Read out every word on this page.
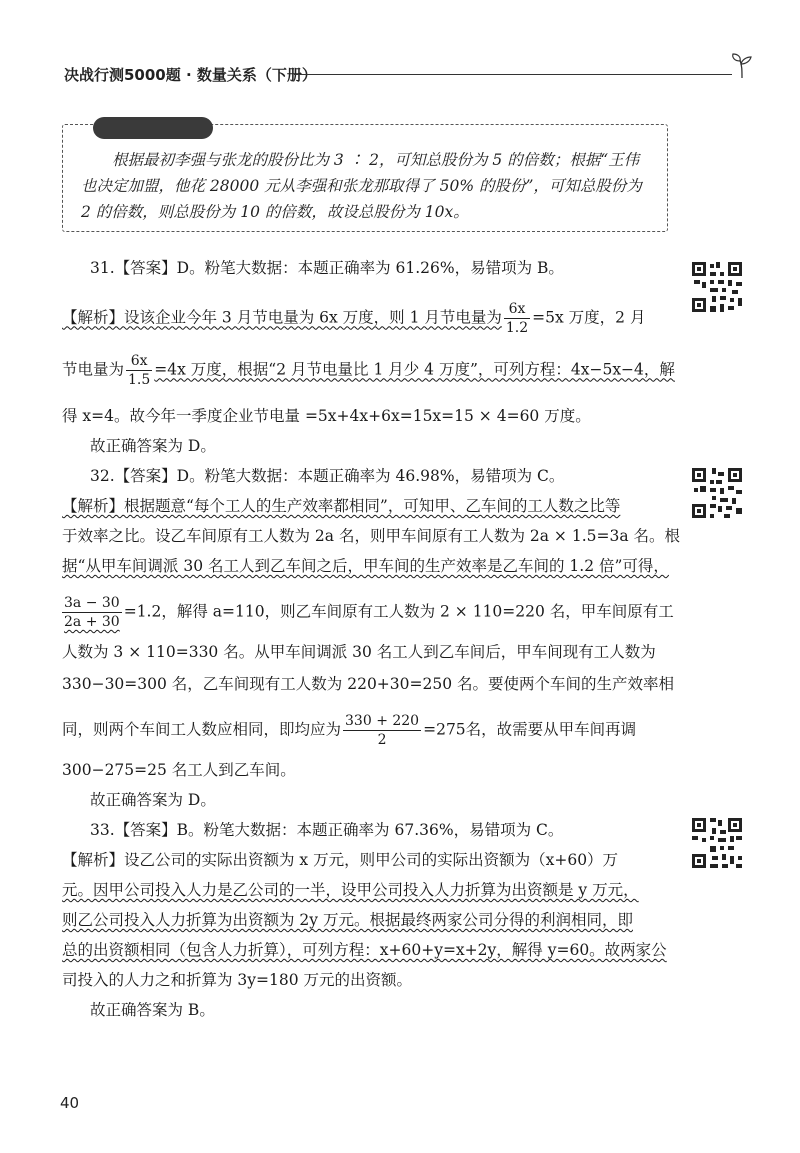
决战行测5000题 · 数量关系（下册）
根据最初李强与张龙的股份比为 3 ∶ 2，可知总股份为 5 的倍数；根据“王伟也决定加盟，他花 28000 元从李强和张龙那取得了 50% 的股份”，可知总股份为 2 的倍数，则总股份为 10 的倍数，故设总股份为 10x。
31.【答案】D。粉笔大数据：本题正确率为 61.26%，易错项为 B。
【解析】设该企业今年 3 月节电量为 6x 万度，则 1 月节电量为 $\frac{6x}{1.2} =5x$ 万度，2 月
节电量为 $\frac{6x}{1.5} =4x$ 万度，根据“2 月节电量比 1 月少 4 万度”，可列方程：4x−5x−4，解
得 x=4。故今年一季度企业节电量 =5x+4x+6x=15x=15 × 4=60 万度。
故正确答案为 D。
32.【答案】D。粉笔大数据：本题正确率为 46.98%，易错项为 C。
【解析】根据题意“每个工人的生产效率都相同”，可知甲、乙车间的工人数之比等
于效率之比。设乙车间原有工人数为 2a 名，则甲车间原有工人数为 2a × 1.5=3a 名。根
据“从甲车间调派 30 名工人到乙车间之后，甲车间的生产效率是乙车间的 1.2 倍”可得，
$\frac{3a - 30}{2a + 30} =1.2$，解得 a=110，则乙车间原有工人数为 2 × 110=220 名，甲车间原有工
人数为 3 × 110=330 名。从甲车间调派 30 名工人到乙车间后，甲车间现有工人数为
330−30=300 名，乙车间现有工人数为 220+30=250 名。要使两个车间的生产效率相
同，则两个车间工人数应相同，即均应为 $\frac{330 + 220}{2} =275$名，故需要从甲车间再调
300−275=25 名工人到乙车间。
故正确答案为 D。
33.【答案】B。粉笔大数据：本题正确率为 67.36%，易错项为 C。
【解析】设乙公司的实际出资额为 x 万元，则甲公司的实际出资额为（x+60）万
元。因甲公司投入人力是乙公司的一半，设甲公司投入人力折算为出资额是 y 万元，
则乙公司投入人力折算为出资额为 2y 万元。根据最终两家公司分得的利润相同，即
总的出资额相同（包含人力折算），可列方程：x+60+y=x+2y，解得 y=60。故两家公
司投入的人力之和折算为 3y=180 万元的出资额。
故正确答案为 B。
40
